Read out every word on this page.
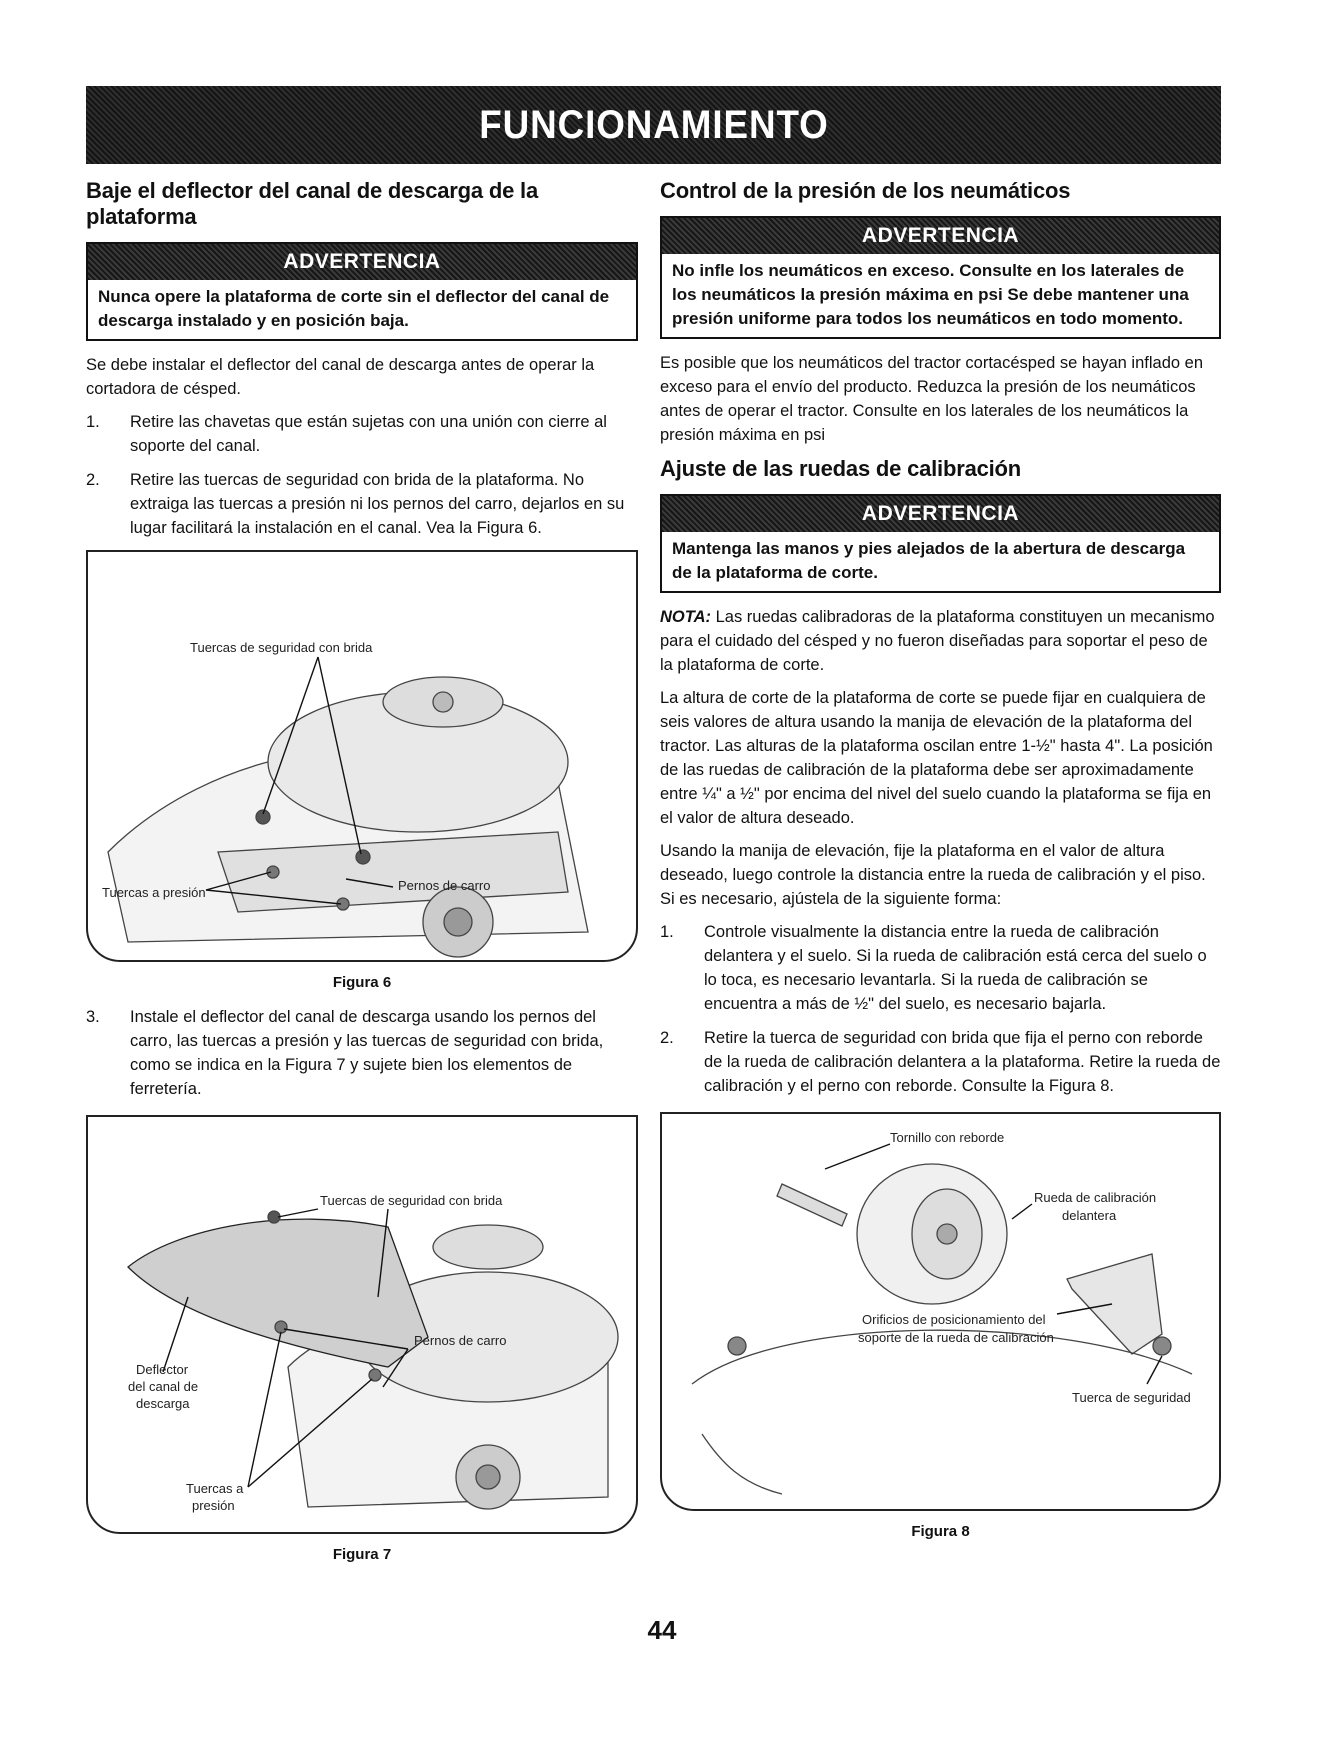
FUNCIONAMIENTO
Baje el deflector del canal de descarga de la plataforma
ADVERTENCIA
Nunca opere la plataforma de corte sin el deflector del canal de descarga instalado y en posición baja.

Se debe instalar el deflector del canal de descarga antes de operar la cortadora de césped.

1.	Retire las chavetas que están sujetas con una unión con cierre al soporte del canal.
2.	Retire las tuercas de seguridad con brida de la plataforma. No extraiga las tuercas a presión ni los pernos del carro, dejarlos en su lugar facilitará la instalación en el canal. Vea la Figura 6.
Tuercas de seguridad con brida
Tuercas a presión	Pernos de carro
Figura 6
3.	Instale el deflector del canal de descarga usando los pernos del carro, las tuercas a presión y las tuercas de seguridad con brida, como se indica en la Figura 7 y sujete bien los elementos de ferretería.
Tuercas de seguridad con brida
Deflector
del canal de
descarga
Pernos de carro
Tuercas a
presión
Figura 7
Control de la presión de los neumáticos
ADVERTENCIA
No infle los neumáticos en exceso. Consulte en los laterales de los neumáticos la presión máxima en psi Se debe mantener una presión uniforme para todos los neumáticos en todo momento.

Es posible que los neumáticos del tractor cortacésped se hayan inflado en exceso para el envío del producto. Reduzca la presión de los neumáticos antes de operar el tractor. Consulte en los laterales de los neumáticos la presión máxima en psi

Ajuste de las ruedas de calibración
ADVERTENCIA
Mantenga las manos y pies alejados de la abertura de descarga de la plataforma de corte.

NOTA: Las ruedas calibradoras de la plataforma constituyen un mecanismo para el cuidado del césped y no fueron diseñadas para soportar el peso de la plataforma de corte.

La altura de corte de la plataforma de corte se puede fijar en cualquiera de seis valores de altura usando la manija de elevación de la plataforma del tractor. Las alturas de la plataforma oscilan entre 1-½" hasta 4". La posición de las ruedas de calibración de la plataforma debe ser aproximadamente entre ¼" a ½" por encima del nivel del suelo cuando la plataforma se fija en el valor de altura deseado.

Usando la manija de elevación, fije la plataforma en el valor de altura deseado, luego controle la distancia entre la rueda de calibración y el piso. Si es necesario, ajústela de la siguiente forma:

1.	Controle visualmente la distancia entre la rueda de calibración delantera y el suelo. Si la rueda de calibración está cerca del suelo o lo toca, es necesario levantarla. Si la rueda de calibración se encuentra a más de ½" del suelo, es necesario bajarla.
2.	Retire la tuerca de seguridad con brida que fija el perno con reborde de la rueda de calibración delantera a la plataforma. Retire la rueda de calibración y el perno con reborde. Consulte la Figura 8.
Tornillo con reborde
Rueda de calibración
delantera
Orificios de posicionamiento del
soporte de la rueda de calibración
Tuerca de seguridad
Figura 8
44
